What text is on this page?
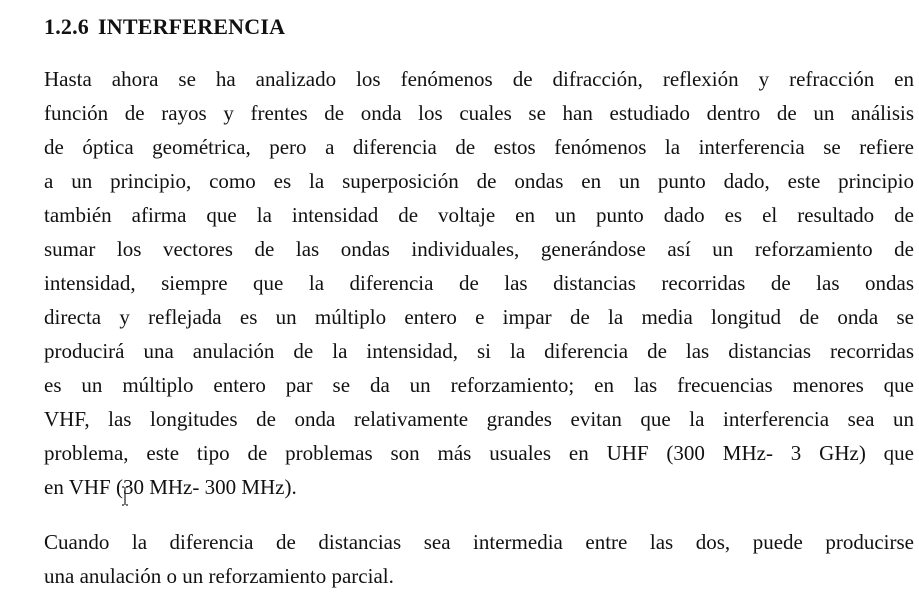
1.2.6 INTERFERENCIA
Hasta ahora se ha analizado los fenómenos de difracción, reflexión y refracción en
función de rayos y frentes de onda los cuales se han estudiado dentro de un análisis
de óptica geométrica, pero a diferencia de estos fenómenos la interferencia se refiere
a un principio, como es la superposición de ondas en un punto dado, este principio
también afirma que la intensidad de voltaje en un punto dado es el resultado de
sumar los vectores de las ondas individuales, generándose así un reforzamiento de
intensidad, siempre que la diferencia de las distancias recorridas de las ondas
directa y reflejada es un múltiplo entero e impar de la media longitud de onda se
producirá una anulación de la intensidad, si la diferencia de las distancias recorridas
es un múltiplo entero par se da un reforzamiento; en las frecuencias menores que
VHF, las longitudes de onda relativamente grandes evitan que la interferencia sea un
problema, este tipo de problemas son más usuales en UHF (300 MHz- 3 GHz) que
en VHF (30 MHz- 300 MHz).
Cuando la diferencia de distancias sea intermedia entre las dos, puede producirse
una anulación o un reforzamiento parcial.
